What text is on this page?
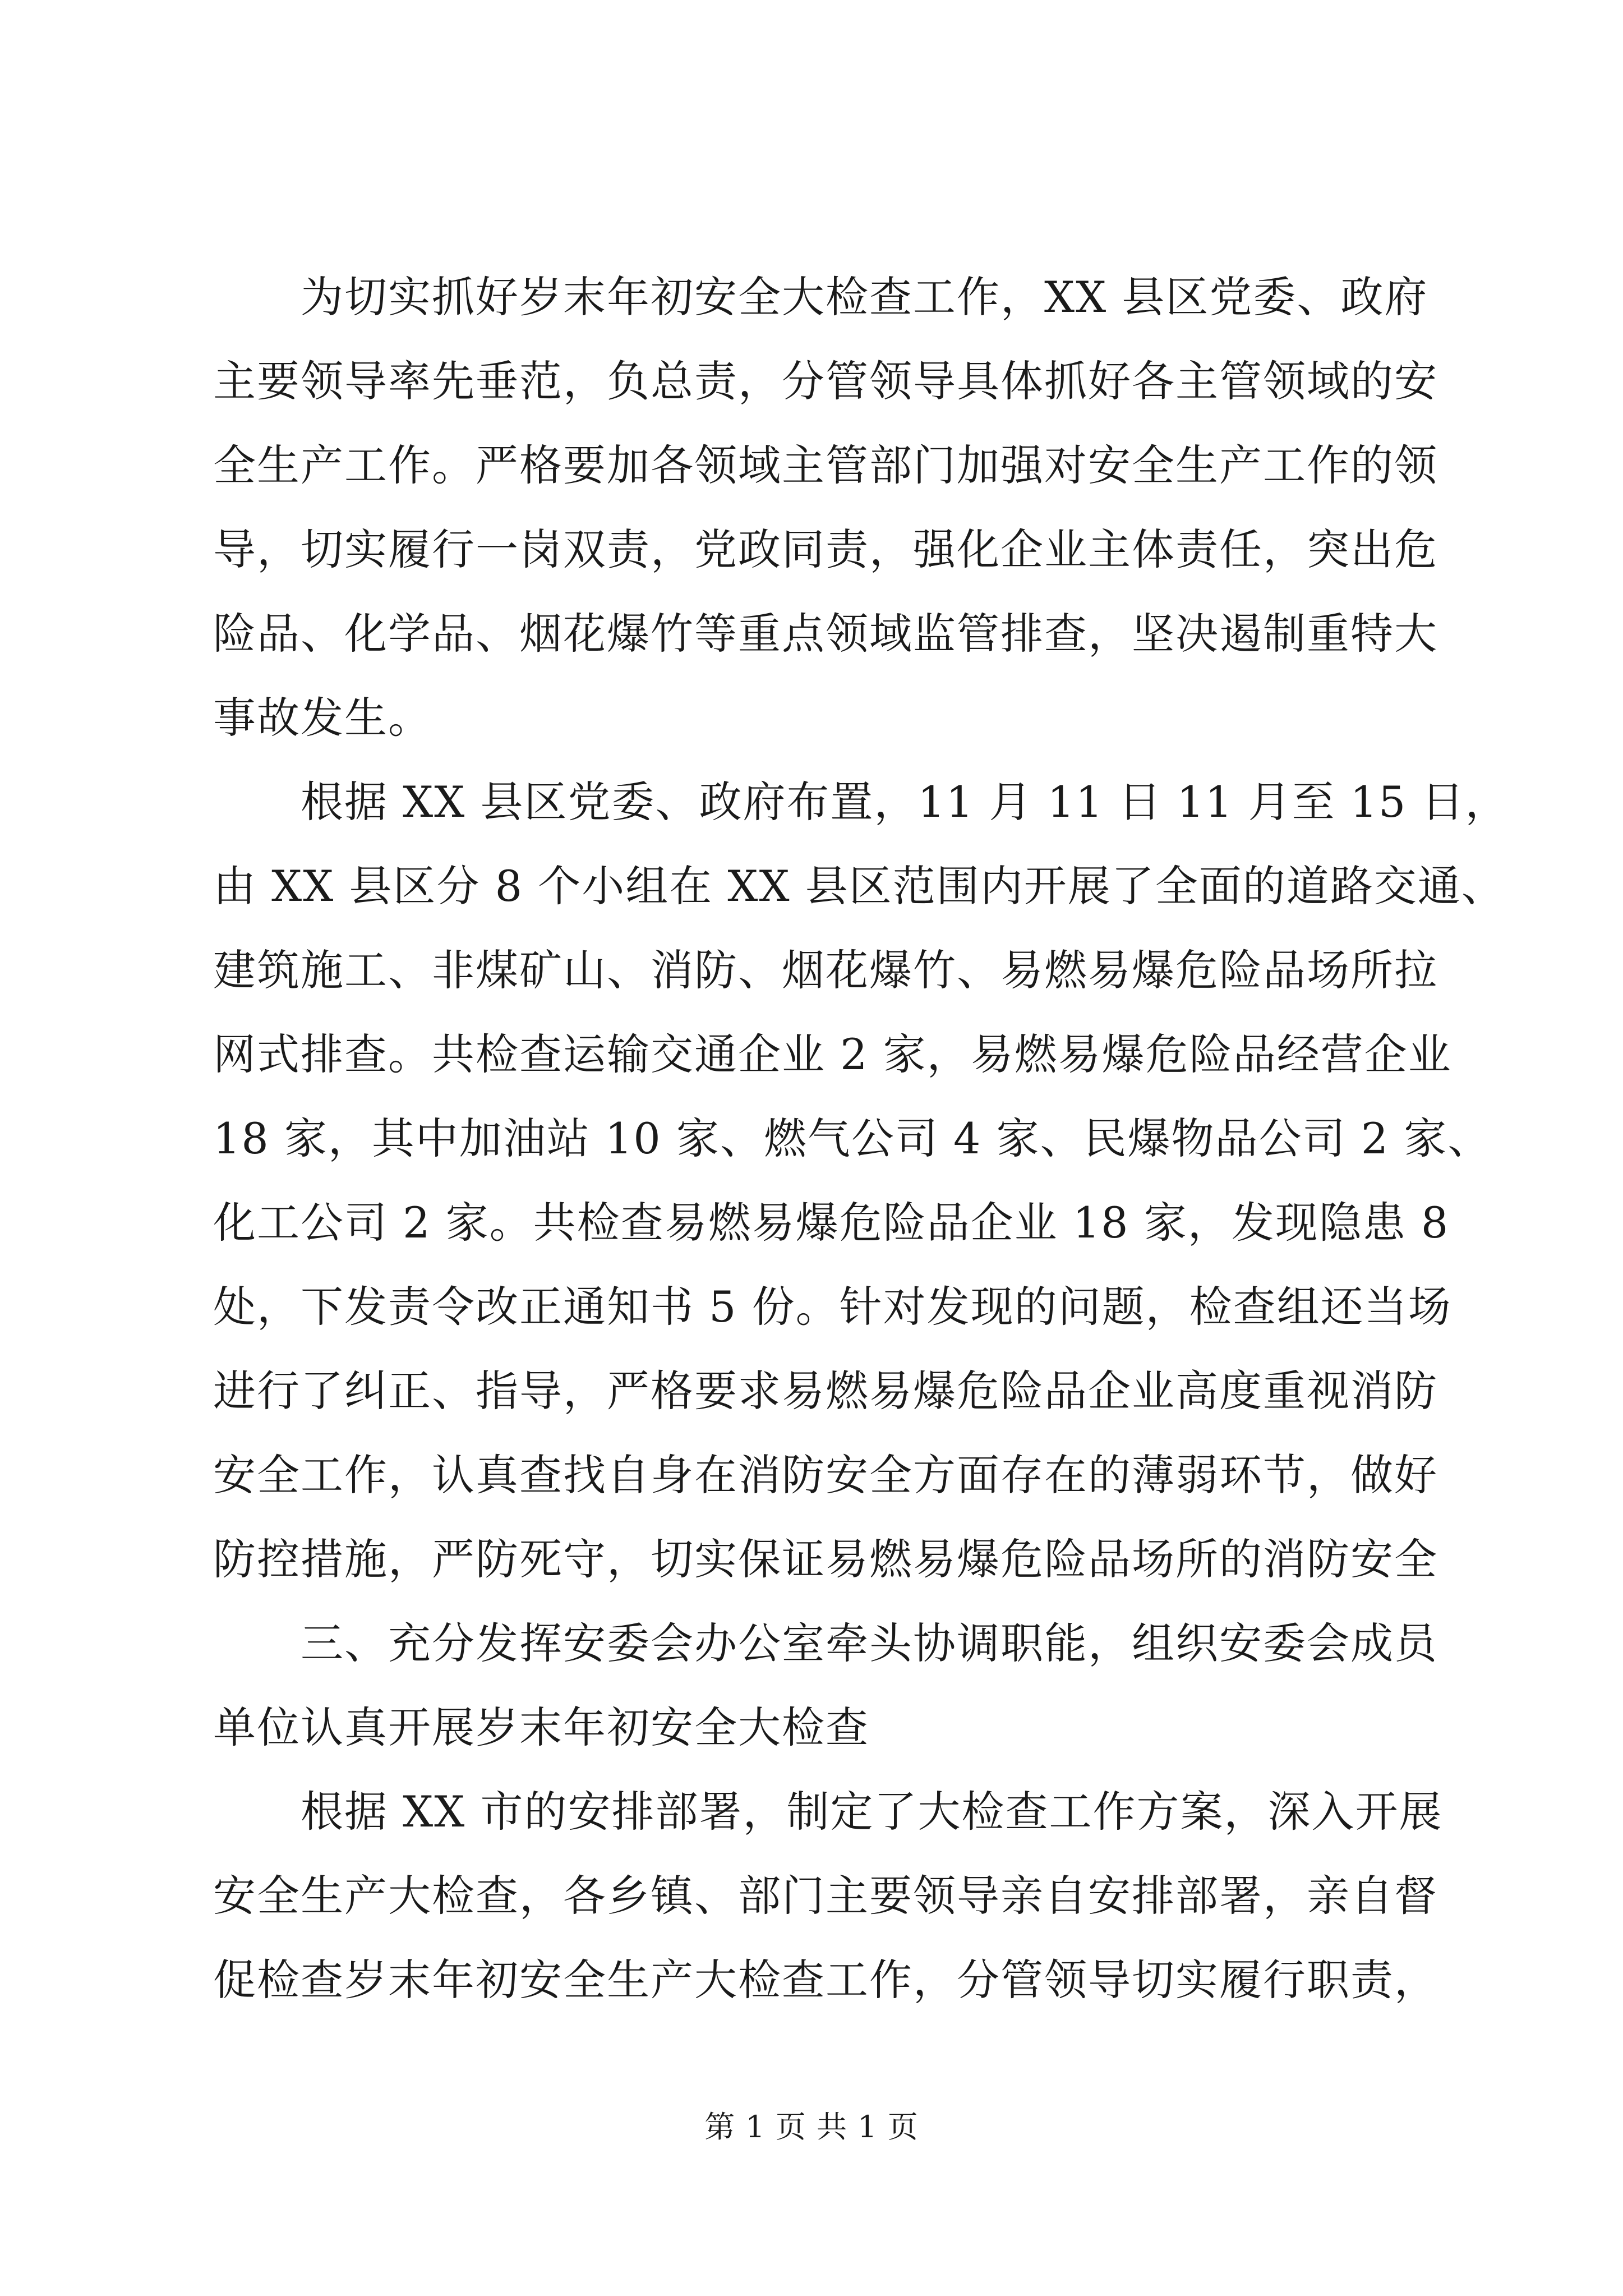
为切实抓好岁末年初安全大检查工作，XX 县区党委、政府
主要领导率先垂范，负总责，分管领导具体抓好各主管领域的安
全生产工作。严格要加各领域主管部门加强对安全生产工作的领
导，切实履行一岗双责，党政同责，强化企业主体责任，突出危
险品、化学品、烟花爆竹等重点领域监管排查，坚决遏制重特大
事故发生。
根据 XX 县区党委、政府布置，11 月 11 日 11 月至 15 日，
由 XX 县区分 8 个小组在 XX 县区范围内开展了全面的道路交通、
建筑施工、非煤矿山、消防、烟花爆竹、易燃易爆危险品场所拉
网式排查。共检查运输交通企业 2 家，易燃易爆危险品经营企业
18 家，其中加油站 10 家、燃气公司 4 家、民爆物品公司 2 家、
化工公司 2 家。共检查易燃易爆危险品企业 18 家，发现隐患 8
处，下发责令改正通知书 5 份。针对发现的问题，检查组还当场
进行了纠正、指导，严格要求易燃易爆危险品企业高度重视消防
安全工作，认真查找自身在消防安全方面存在的薄弱环节，做好
防控措施，严防死守，切实保证易燃易爆危险品场所的消防安全
三、充分发挥安委会办公室牵头协调职能，组织安委会成员
单位认真开展岁末年初安全大检查
根据 XX 市的安排部署，制定了大检查工作方案，深入开展
安全生产大检查，各乡镇、部门主要领导亲自安排部署，亲自督
促检查岁末年初安全生产大检查工作，分管领导切实履行职责，
第 1 页 共 1 页
